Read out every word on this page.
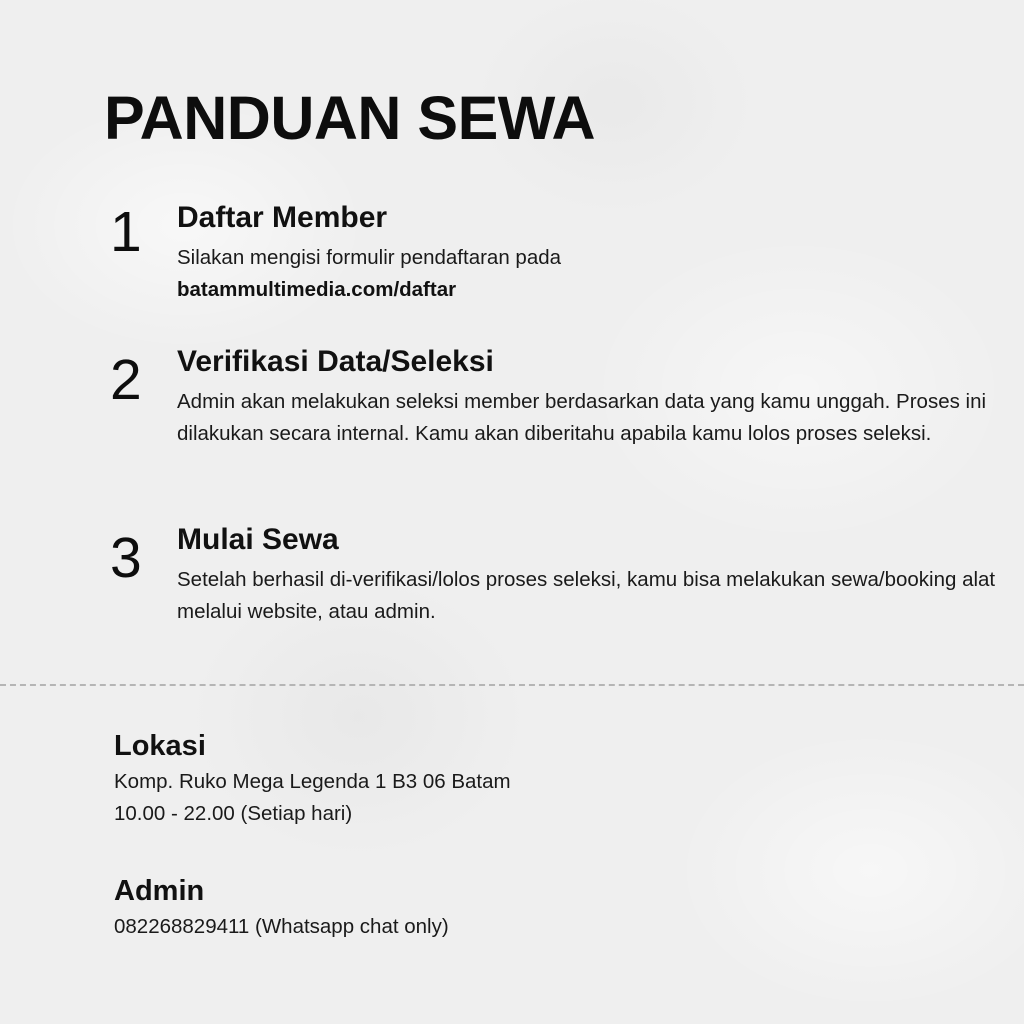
PANDUAN SEWA
1 Daftar Member

Silakan mengisi formulir pendaftaran pada
batammultimedia.com/daftar

2 Verifikasi Data/Seleksi

Admin akan melakukan seleksi member berdasarkan data yang kamu unggah. Proses ini dilakukan secara internal. Kamu akan diberitahu apabila kamu lolos proses seleksi.

3 Mulai Sewa

Setelah berhasil di-verifikasi/lolos proses seleksi, kamu bisa melakukan sewa/booking alat melalui website, atau admin.

Lokasi

Komp. Ruko Mega Legenda 1 B3 06 Batam

10.00 - 22.00 (Setiap hari)

Admin

082268829411 (Whatsapp chat only)
